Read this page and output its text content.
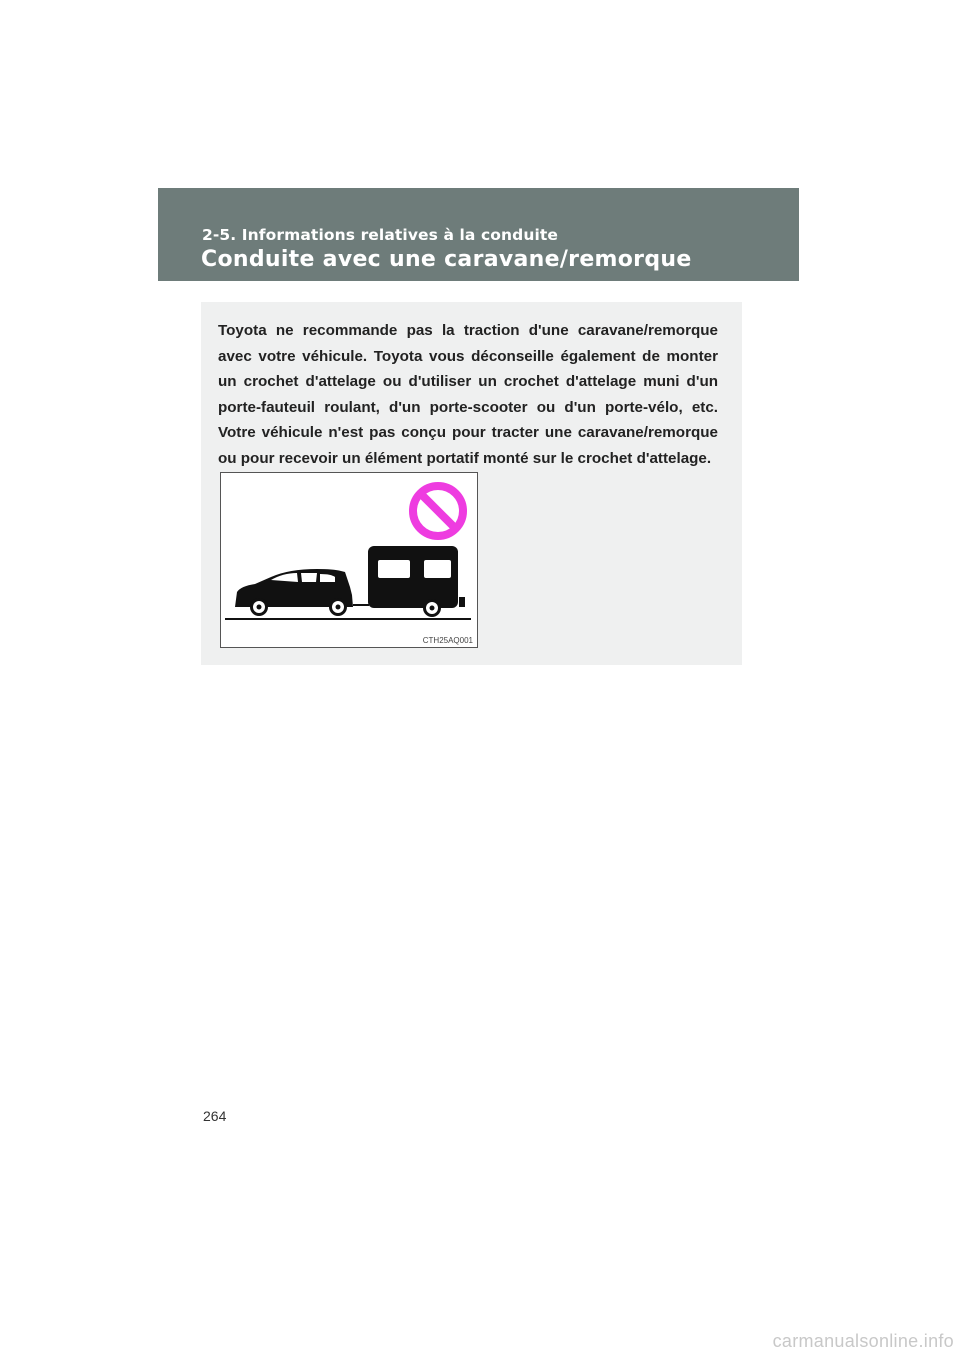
2-5. Informations relatives à la conduite
Conduite avec une caravane/remorque
Toyota ne recommande pas la traction d'une caravane/remorque avec votre véhicule. Toyota vous déconseille également de monter un crochet d'attelage ou d'utiliser un crochet d'attelage muni d'un porte-fauteuil roulant, d'un porte-scooter ou d'un porte-vélo, etc. Votre véhicule n'est pas conçu pour tracter une caravane/remorque ou pour recevoir un élément portatif monté sur le crochet d'attelage.
CTH25AQ001
264
carmanualsonline.info
